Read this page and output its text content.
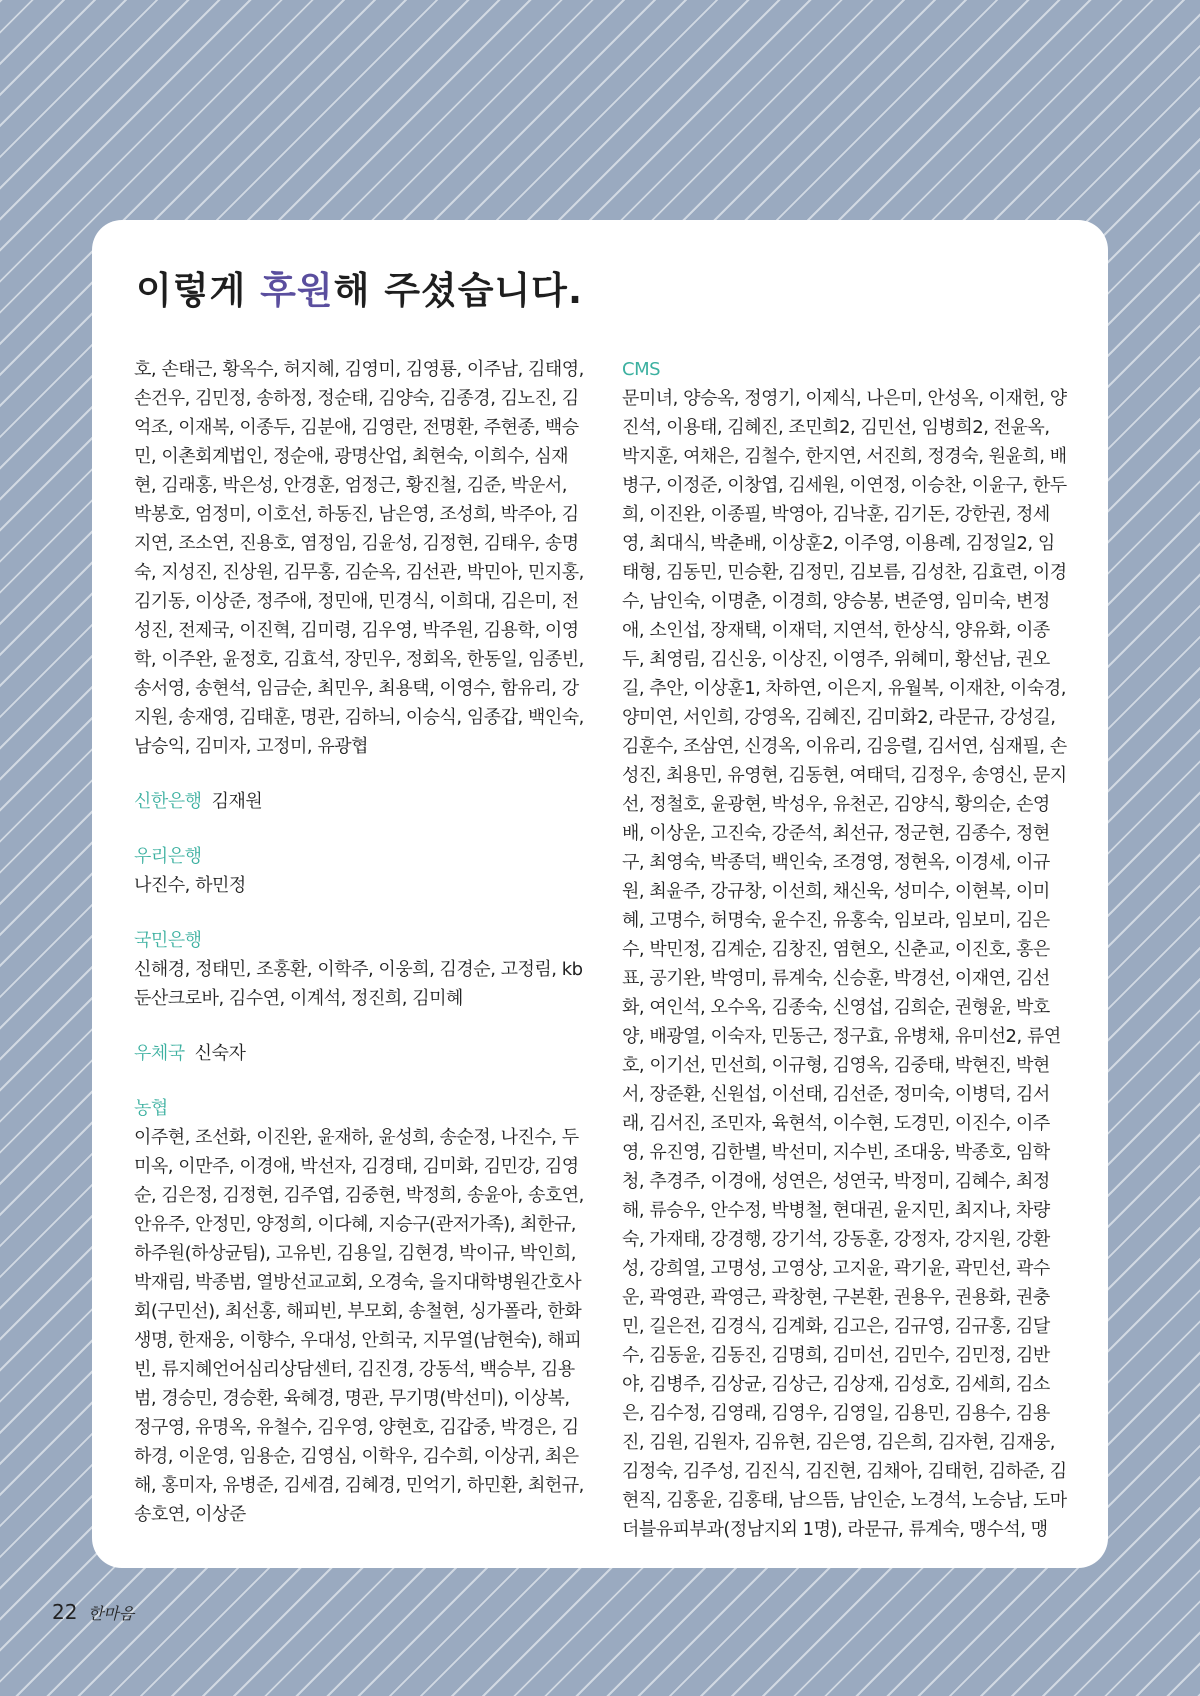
이렇게 후원해 주셨습니다.

호, 손태근, 황옥수, 허지혜, 김영미, 김영룡, 이주남, 김태영, 손건우, 김민정, 송하정, 정순태, 김양숙, 김종경, 김노진, 김억조, 이재복, 이종두, 김분애, 김영란, 전명환, 주현종, 백승민, 이촌회계법인, 정순애, 광명산업, 최현숙, 이희수, 심재현, 김래홍, 박은성, 안경훈, 엄정근, 황진철, 김준, 박운서, 박봉호, 엄정미, 이호선, 하동진, 남은영, 조성희, 박주아, 김지연, 조소연, 진용호, 염정임, 김윤성, 김정현, 김태우, 송명숙, 지성진, 진상원, 김무홍, 김순옥, 김선관, 박민아, 민지홍, 김기동, 이상준, 정주애, 정민애, 민경식, 이희대, 김은미, 전성진, 전제국, 이진혁, 김미령, 김우영, 박주원, 김용학, 이영학, 이주완, 윤정호, 김효석, 장민우, 정회옥, 한동일, 임종빈, 송서영, 송현석, 임금순, 최민우, 최용택, 이영수, 함유리, 강지원, 송재영, 김태훈, 명관, 김하늬, 이승식, 임종갑, 백인숙, 남승익, 김미자, 고정미, 유광협

신한은행 김재원

우리은행

나진수, 하민정

국민은행

신해경, 정태민, 조홍환, 이학주, 이웅희, 김경순, 고정림, kb둔산크로바, 김수연, 이계석, 정진희, 김미혜

우체국 신숙자

농협

이주현, 조선화, 이진완, 윤재하, 윤성희, 송순정, 나진수, 두미옥, 이만주, 이경애, 박선자, 김경태, 김미화, 김민강, 김영순, 김은정, 김정현, 김주엽, 김중현, 박정희, 송윤아, 송호연, 안유주, 안정민, 양정희, 이다혜, 지승구(관저가족), 최한규, 하주원(하상균팀), 고유빈, 김용일, 김현경, 박이규, 박인희, 박재림, 박종범, 열방선교교회, 오경숙, 을지대학병원간호사회(구민선), 최선홍, 해피빈, 부모회, 송철현, 싱가폴라, 한화생명, 한재웅, 이향수, 우대성, 안희국, 지무열(남현숙), 해피빈, 류지혜언어심리상담센터, 김진경, 강동석, 백승부, 김용범, 경승민, 경승환, 육혜경, 명관, 무기명(박선미), 이상복, 정구영, 유명옥, 유철수, 김우영, 양현호, 김갑중, 박경은, 김하경, 이운영, 임용순, 김영심, 이학우, 김수희, 이상귀, 최은해, 홍미자, 유병준, 김세겸, 김혜경, 민억기, 하민환, 최헌규, 송호연, 이상준

CMS

문미녀, 양승옥, 정영기, 이제식, 나은미, 안성옥, 이재헌, 양진석, 이용태, 김혜진, 조민희2, 김민선, 임병희2, 전윤옥, 박지훈, 여채은, 김철수, 한지연, 서진희, 정경숙, 원윤희, 배병구, 이정준, 이창엽, 김세원, 이연정, 이승찬, 이윤구, 한두희, 이진완, 이종필, 박영아, 김낙훈, 김기돈, 강한권, 정세영, 최대식, 박춘배, 이상훈2, 이주영, 이용례, 김정일2, 임태형, 김동민, 민승환, 김정민, 김보름, 김성찬, 김효련, 이경수, 남인숙, 이명춘, 이경희, 양승봉, 변준영, 임미숙, 변정애, 소인섭, 장재택, 이재덕, 지연석, 한상식, 양유화, 이종두, 최영림, 김신웅, 이상진, 이영주, 위혜미, 황선남, 권오길, 추안, 이상훈1, 차하연, 이은지, 유월복, 이재찬, 이숙경, 양미연, 서인희, 강영옥, 김혜진, 김미화2, 라문규, 강성길, 김훈수, 조삼연, 신경옥, 이유리, 김응렬, 김서연, 심재필, 손성진, 최용민, 유영현, 김동현, 여태덕, 김정우, 송영신, 문지선, 정철호, 윤광현, 박성우, 유천곤, 김양식, 황의순, 손영배, 이상운, 고진숙, 강준석, 최선규, 정군현, 김종수, 정현구, 최영숙, 박종덕, 백인숙, 조경영, 정현옥, 이경세, 이규원, 최윤주, 강규창, 이선희, 채신욱, 성미수, 이현복, 이미혜, 고명수, 허명숙, 윤수진, 유홍숙, 임보라, 임보미, 김은수, 박민정, 김계순, 김창진, 염현오, 신춘교, 이진호, 홍은표, 공기완, 박영미, 류계숙, 신승훈, 박경선, 이재연, 김선화, 여인석, 오수옥, 김종숙, 신영섭, 김희순, 권형윤, 박호양, 배광열, 이숙자, 민동근, 정구효, 유병채, 유미선2, 류연호, 이기선, 민선희, 이규형, 김영옥, 김중태, 박현진, 박현서, 장준환, 신원섭, 이선태, 김선준, 정미숙, 이병덕, 김서래, 김서진, 조민자, 육현석, 이수현, 도경민, 이진수, 이주영, 유진영, 김한별, 박선미, 지수빈, 조대웅, 박종호, 임학청, 추경주, 이경애, 성연은, 성연국, 박정미, 김혜수, 최정해, 류승우, 안수정, 박병철, 현대권, 윤지민, 최지나, 차량숙, 가재태, 강경행, 강기석, 강동훈, 강정자, 강지원, 강환성, 강희열, 고명성, 고영상, 고지윤, 곽기윤, 곽민선, 곽수운, 곽영관, 곽영근, 곽창현, 구본환, 권용우, 권용화, 권충민, 길은전, 김경식, 김계화, 김고은, 김규영, 김규홍, 김달수, 김동윤, 김동진, 김명희, 김미선, 김민수, 김민정, 김반야, 김병주, 김상균, 김상근, 김상재, 김성호, 김세희, 김소은, 김수정, 김영래, 김영우, 김영일, 김용민, 김용수, 김용진, 김원, 김원자, 김유현, 김은영, 김은희, 김자현, 김재웅, 김정숙, 김주성, 김진식, 김진현, 김채아, 김태헌, 김하준, 김현직, 김홍윤, 김홍태, 남으뜸, 남인순, 노경석, 노승남, 도마더블유피부과(정남지외 1명), 라문규, 류계숙, 맹수석, 맹

22 한마음
